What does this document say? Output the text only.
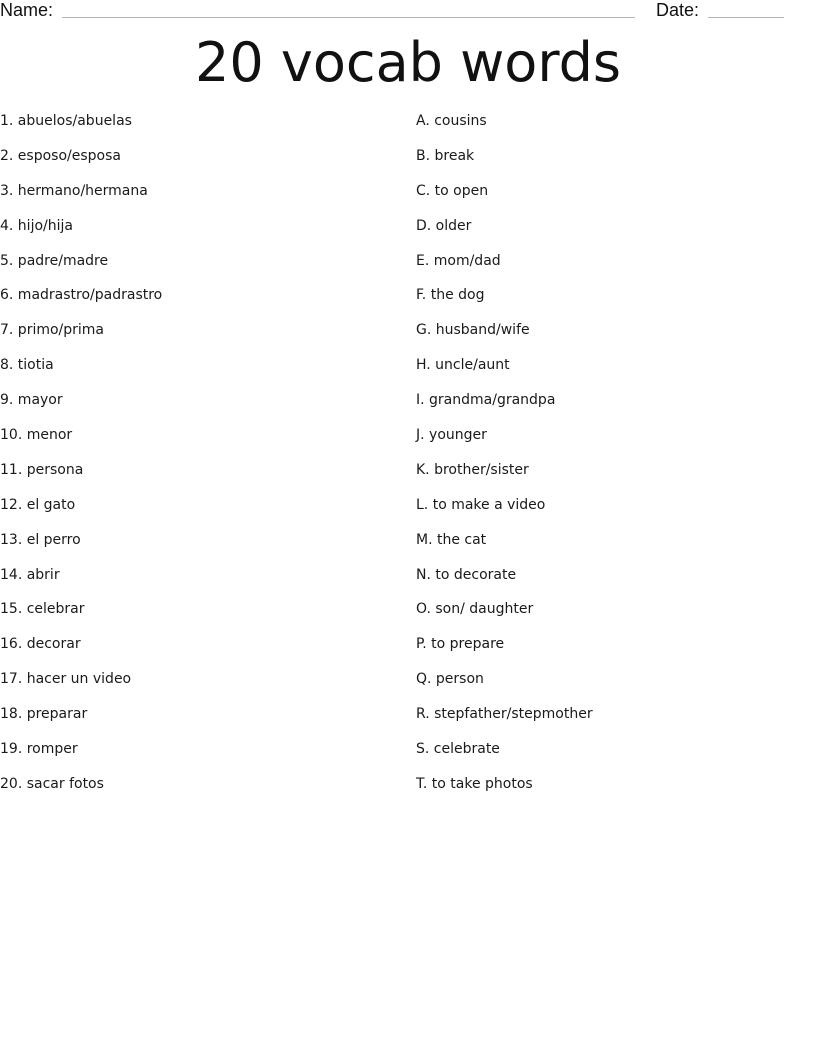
Name:	Date:
20 vocab words
1. abuelos/abuelas
2. esposo/esposa
3. hermano/hermana
4. hijo/hija
5. padre/madre
6. madrastro/padrastro
7. primo/prima
8. tiotia
9. mayor
10. menor
11. persona
12. el gato
13. el perro
14. abrir
15. celebrar
16. decorar
17. hacer un video
18. preparar
19. romper
20. sacar fotos
A. cousins
B. break
C. to open
D. older
E. mom/dad
F. the dog
G. husband/wife
H. uncle/aunt
I. grandma/grandpa
J. younger
K. brother/sister
L. to make a video
M. the cat
N. to decorate
O. son/ daughter
P. to prepare
Q. person
R. stepfather/stepmother
S. celebrate
T. to take photos
